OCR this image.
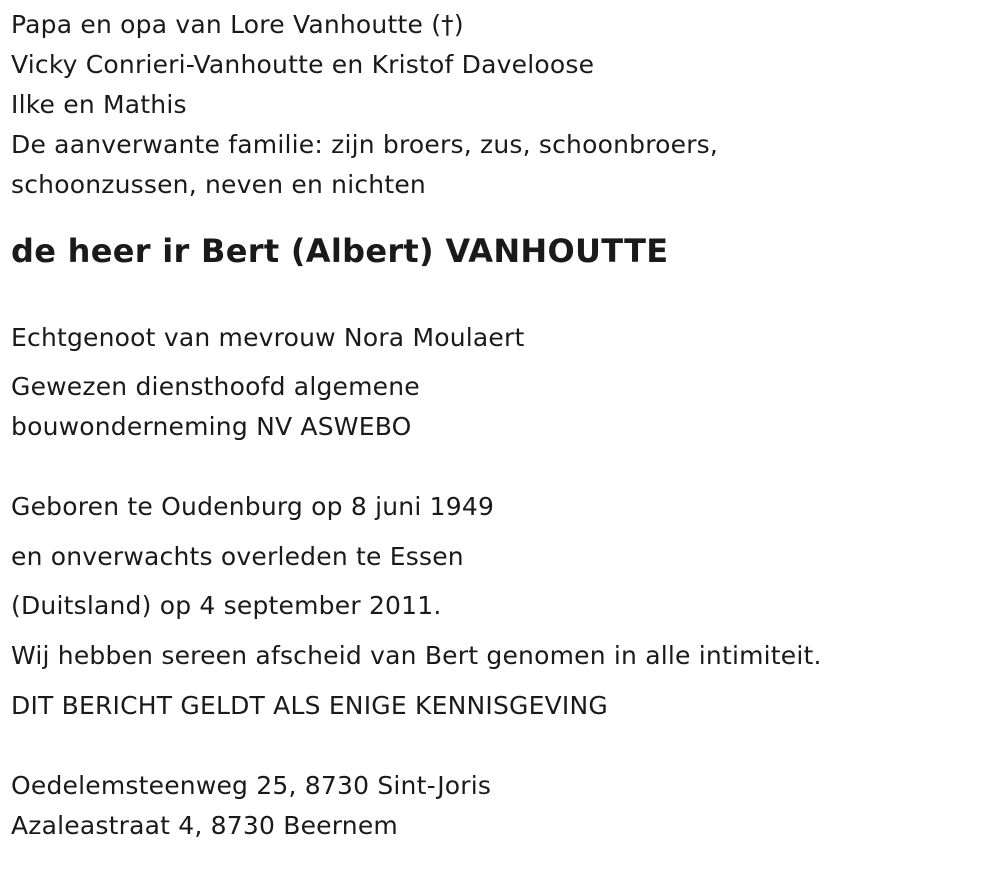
Papa en opa van Lore Vanhoutte (†)
Vicky Conrieri-Vanhoutte en Kristof Daveloose
Ilke en Mathis
De aanverwante familie: zijn broers, zus, schoonbroers,
schoonzussen, neven en nichten
de heer ir Bert (Albert) VANHOUTTE
Echtgenoot van mevrouw Nora Moulaert
Gewezen diensthoofd algemene
bouwonderneming NV ASWEBO
Geboren te Oudenburg op 8 juni 1949
en onverwachts overleden te Essen
(Duitsland) op 4 september 2011.
Wij hebben sereen afscheid van Bert genomen in alle intimiteit.
DIT BERICHT GELDT ALS ENIGE KENNISGEVING
Oedelemsteenweg 25, 8730 Sint-Joris
Azaleastraat 4, 8730 Beernem
